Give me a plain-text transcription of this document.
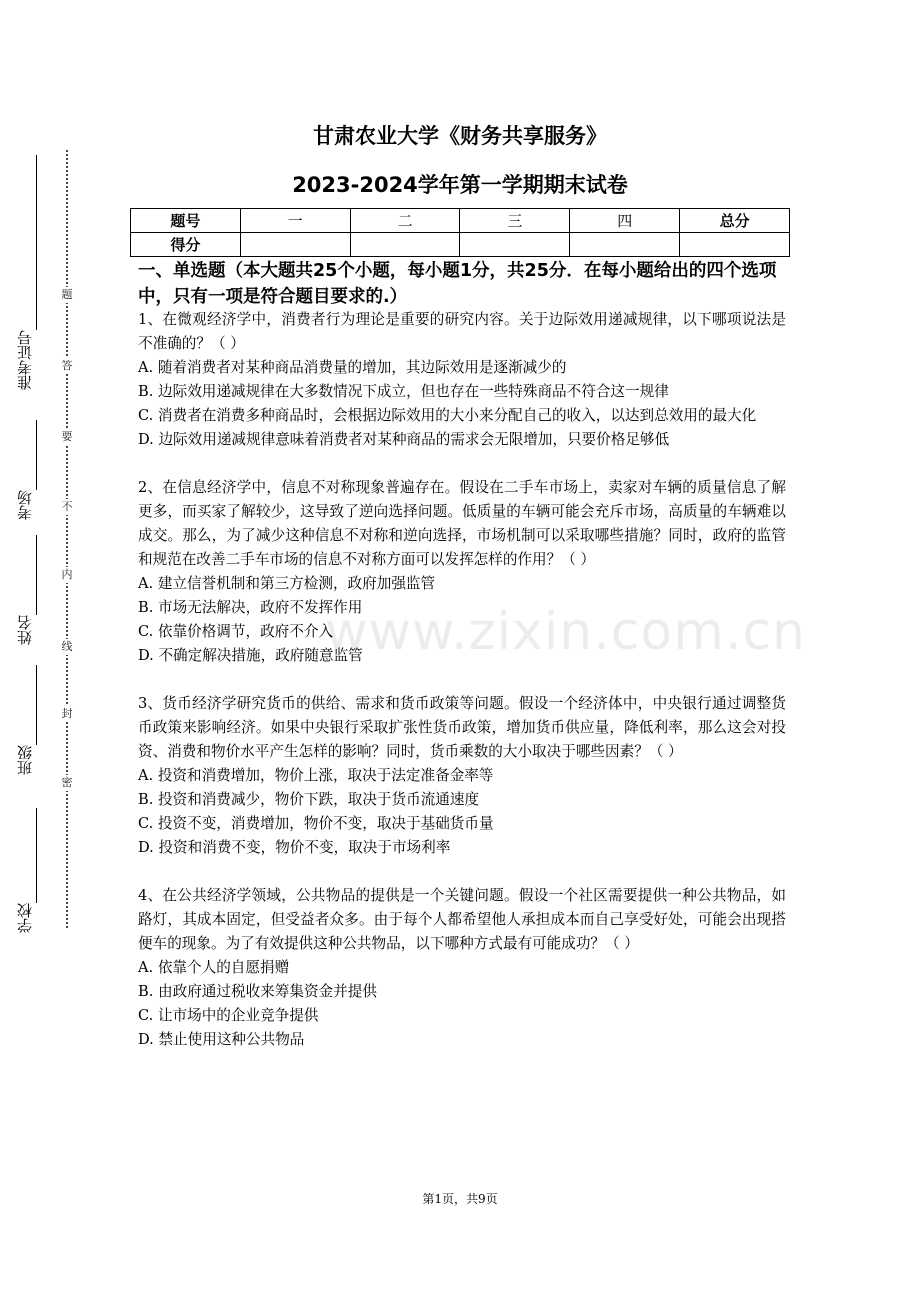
题
答
要
不
内
线
封
密
准考证号
考场
姓名
班级
学校
甘肃农业大学《财务共享服务》
2023-2024学年第一学期期末试卷
题号	一	二	三	四	总分
得分					

一、单选题（本大题共25个小题，每小题1分，共25分．在每小题给出的四个选项中，只有一项是符合题目要求的.）

1、在微观经济学中，消费者行为理论是重要的研究内容。关于边际效用递减规律，以下哪项说法是不准确的？（ ）

A. 随着消费者对某种商品消费量的增加，其边际效用是逐渐减少的

B. 边际效用递减规律在大多数情况下成立，但也存在一些特殊商品不符合这一规律

C. 消费者在消费多种商品时，会根据边际效用的大小来分配自己的收入，以达到总效用的最大化

D. 边际效用递减规律意味着消费者对某种商品的需求会无限增加，只要价格足够低

2、在信息经济学中，信息不对称现象普遍存在。假设在二手车市场上，卖家对车辆的质量信息了解更多，而买家了解较少，这导致了逆向选择问题。低质量的车辆可能会充斥市场，高质量的车辆难以成交。那么，为了减少这种信息不对称和逆向选择，市场机制可以采取哪些措施？同时，政府的监管和规范在改善二手车市场的信息不对称方面可以发挥怎样的作用？（ ）

A. 建立信誉机制和第三方检测，政府加强监管

B. 市场无法解决，政府不发挥作用

C. 依靠价格调节，政府不介入

D. 不确定解决措施，政府随意监管

3、货币经济学研究货币的供给、需求和货币政策等问题。假设一个经济体中，中央银行通过调整货币政策来影响经济。如果中央银行采取扩张性货币政策，增加货币供应量，降低利率，那么这会对投资、消费和物价水平产生怎样的影响？同时，货币乘数的大小取决于哪些因素？（ ）

A. 投资和消费增加，物价上涨，取决于法定准备金率等

B. 投资和消费减少，物价下跌，取决于货币流通速度

C. 投资不变，消费增加，物价不变，取决于基础货币量

D. 投资和消费不变，物价不变，取决于市场利率

4、在公共经济学领域，公共物品的提供是一个关键问题。假设一个社区需要提供一种公共物品，如路灯，其成本固定，但受益者众多。由于每个人都希望他人承担成本而自己享受好处，可能会出现搭便车的现象。为了有效提供这种公共物品，以下哪种方式最有可能成功？（ ）

A. 依靠个人的自愿捐赠

B. 由政府通过税收来筹集资金并提供

C. 让市场中的企业竞争提供

D. 禁止使用这种公共物品

www.zixin.com.cn
第1页，共9页
